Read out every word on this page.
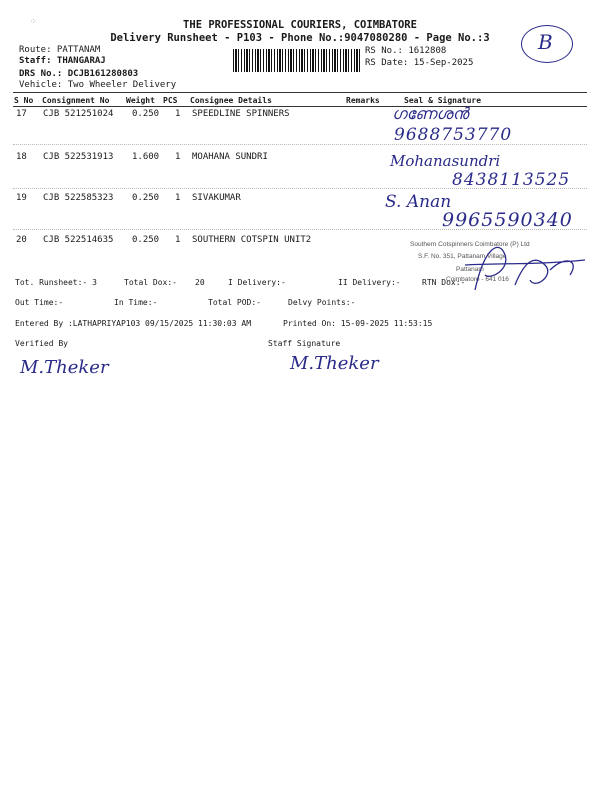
⁘	THE PROFESSIONAL COURIERS, COIMBATORE
Delivery Runsheet - P103 - Phone No.:9047080280 - Page No.:3	B
Route: PATTANAM
Staff: THANGARAJ
DRS No.: DCJB161280803
Vehicle: Two Wheeler Delivery
RS No.: 1612808
RS Date: 15-Sep-2025
S No Consignment No Weight PCS Consignee Details	Remarks	Seal & Signature
17 CJB 521251024 0.250 1 SPEEDLINE SPINNERS	ഗണേശൻ
9688753770
18 CJB 522531913 1.600 1 MOAHANA SUNDRI	Mohanasundri
8438113525
19 CJB 522585323 0.250 1 SIVAKUMAR	S. Anan
9965590340
20 CJB 522514635 0.250 1 SOUTHERN COTSPIN UNIT2	Southern Cotspinners Coimbatore (P) Ltd
S.F. No. 351, Pattanam Village
Pattanam
Coimbatore - 641 016
Tot. Runsheet:- 3	Total Dox:- 20	I Delivery:-	II Delivery:-	RTN Dox:-
Out Time:-	In Time:-	Total POD:-	Delvy Points:-
Entered By :LATHAPRIYAP103 09/15/2025 11:30:03 AM	Printed On: 15-09-2025 11:53:15
Verified By	Staff Signature
M.Theker	M.Theker
